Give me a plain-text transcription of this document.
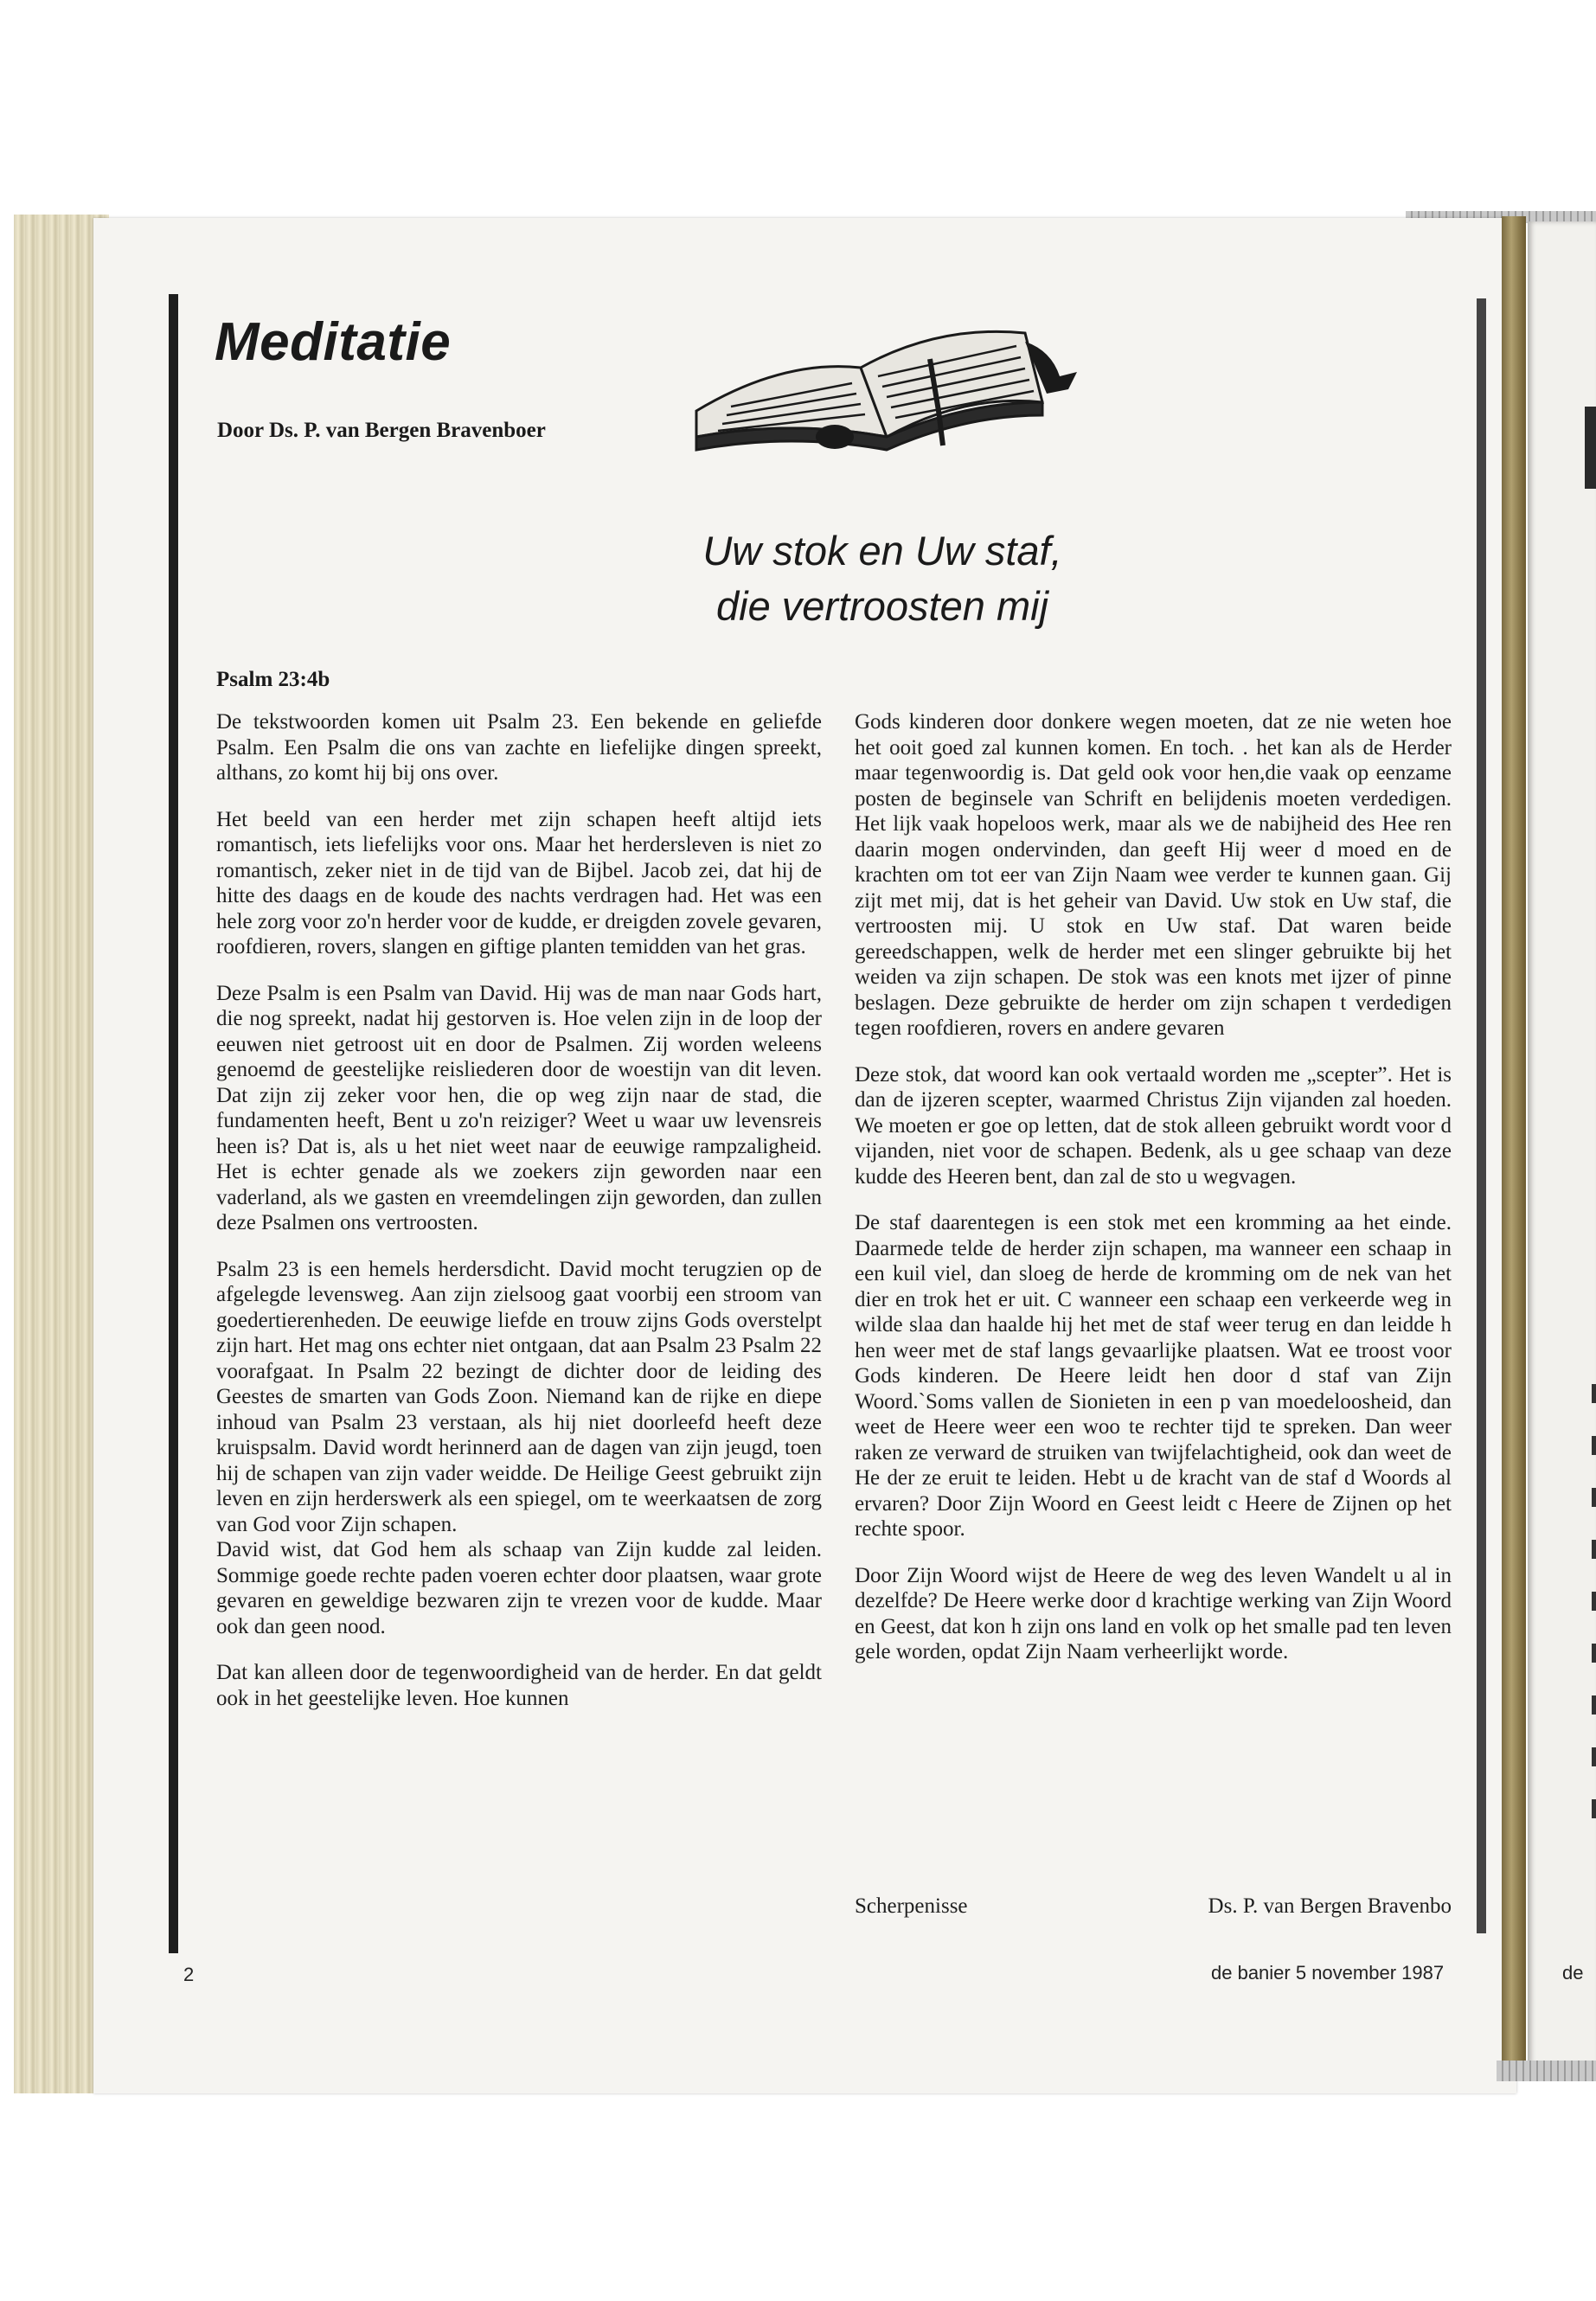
de
Meditatie
Door Ds. P. van Bergen Bravenboer
Uw stok en Uw staf,
die vertroosten mij
Psalm 23:4b

De tekstwoorden komen uit Psalm 23. Een bekende en geliefde Psalm. Een Psalm die ons van zachte en liefelijke dingen spreekt, althans, zo komt hij bij ons over.

Het beeld van een herder met zijn schapen heeft altijd iets romantisch, iets liefelijks voor ons. Maar het herdersleven is niet zo romantisch, zeker niet in de tijd van de Bijbel. Jacob zei, dat hij de hitte des daags en de koude des nachts verdragen had. Het was een hele zorg voor zo'n herder voor de kudde, er dreigden zovele gevaren, roofdieren, rovers, slangen en giftige planten temidden van het gras.

Deze Psalm is een Psalm van David. Hij was de man naar Gods hart, die nog spreekt, nadat hij gestorven is. Hoe velen zijn in de loop der eeuwen niet getroost uit en door de Psalmen. Zij worden weleens genoemd de geestelijke reisliederen door de woestijn van dit leven. Dat zijn zij zeker voor hen, die op weg zijn naar de stad, die fundamenten heeft, Bent u zo'n reiziger? Weet u waar uw levensreis heen is? Dat is, als u het niet weet naar de eeuwige rampzaligheid. Het is echter genade als we zoekers zijn geworden naar een vaderland, als we gasten en vreemdelingen zijn geworden, dan zullen deze Psalmen ons vertroosten.

Psalm 23 is een hemels herdersdicht. David mocht terugzien op de afgelegde levensweg. Aan zijn zielsoog gaat voorbij een stroom van goedertierenheden. De eeuwige liefde en trouw zijns Gods overstelpt zijn hart. Het mag ons echter niet ontgaan, dat aan Psalm 23 Psalm 22 voorafgaat. In Psalm 22 bezingt de dichter door de leiding des Geestes de smarten van Gods Zoon. Niemand kan de rijke en diepe inhoud van Psalm 23 verstaan, als hij niet doorleefd heeft deze kruispsalm. David wordt herinnerd aan de dagen van zijn jeugd, toen hij de schapen van zijn vader weidde. De Heilige Geest gebruikt zijn leven en zijn herderswerk als een spiegel, om te weerkaatsen de zorg van God voor Zijn schapen.

David wist, dat God hem als schaap van Zijn kudde zal leiden. Sommige goede rechte paden voeren echter door plaatsen, waar grote gevaren en geweldige bezwaren zijn te vrezen voor de kudde. Maar ook dan geen nood.

Dat kan alleen door de tegenwoordigheid van de herder. En dat geldt ook in het geestelijke leven. Hoe kunnen

Gods kinderen door donkere wegen moeten, dat ze nie weten hoe het ooit goed zal kunnen komen. En toch. . het kan als de Herder maar tegenwoordig is. Dat geld ook voor hen,die vaak op eenzame posten de beginsele van Schrift en belijdenis moeten verdedigen. Het lijk vaak hopeloos werk, maar als we de nabijheid des Hee ren daarin mogen ondervinden, dan geeft Hij weer d moed en de krachten om tot eer van Zijn Naam wee verder te kunnen gaan. Gij zijt met mij, dat is het geheir van David. Uw stok en Uw staf, die vertroosten mij. U stok en Uw staf. Dat waren beide gereedschappen, welk de herder met een slinger gebruikte bij het weiden va zijn schapen. De stok was een knots met ijzer of pinne beslagen. Deze gebruikte de herder om zijn schapen t verdedigen tegen roofdieren, rovers en andere gevaren

Deze stok, dat woord kan ook vertaald worden me „scepter”. Het is dan de ijzeren scepter, waarmed Christus Zijn vijanden zal hoeden. We moeten er goe op letten, dat de stok alleen gebruikt wordt voor d vijanden, niet voor de schapen. Bedenk, als u gee schaap van deze kudde des Heeren bent, dan zal de sto u wegvagen.

De staf daarentegen is een stok met een kromming aa het einde. Daarmede telde de herder zijn schapen, ma wanneer een schaap in een kuil viel, dan sloeg de herde de kromming om de nek van het dier en trok het er uit. C wanneer een schaap een verkeerde weg in wilde slaa dan haalde hij het met de staf weer terug en dan leidde h hen weer met de staf langs gevaarlijke plaatsen. Wat ee troost voor Gods kinderen. De Heere leidt hen door d staf van Zijn Woord.`Soms vallen de Sionieten in een p van moedeloosheid, dan weet de Heere weer een woo te rechter tijd te spreken. Dan weer raken ze verward de struiken van twijfelachtigheid, ook dan weet de He der ze eruit te leiden. Hebt u de kracht van de staf d Woords al ervaren? Door Zijn Woord en Geest leidt c Heere de Zijnen op het rechte spoor.

Door Zijn Woord wijst de Heere de weg des leven Wandelt u al in dezelfde? De Heere werke door d krachtige werking van Zijn Woord en Geest, dat kon h zijn ons land en volk op het smalle pad ten leven gele worden, opdat Zijn Naam verheerlijkt worde.

Scherpenisse	Ds. P. van Bergen Bravenbo
2	de banier 5 november 1987
